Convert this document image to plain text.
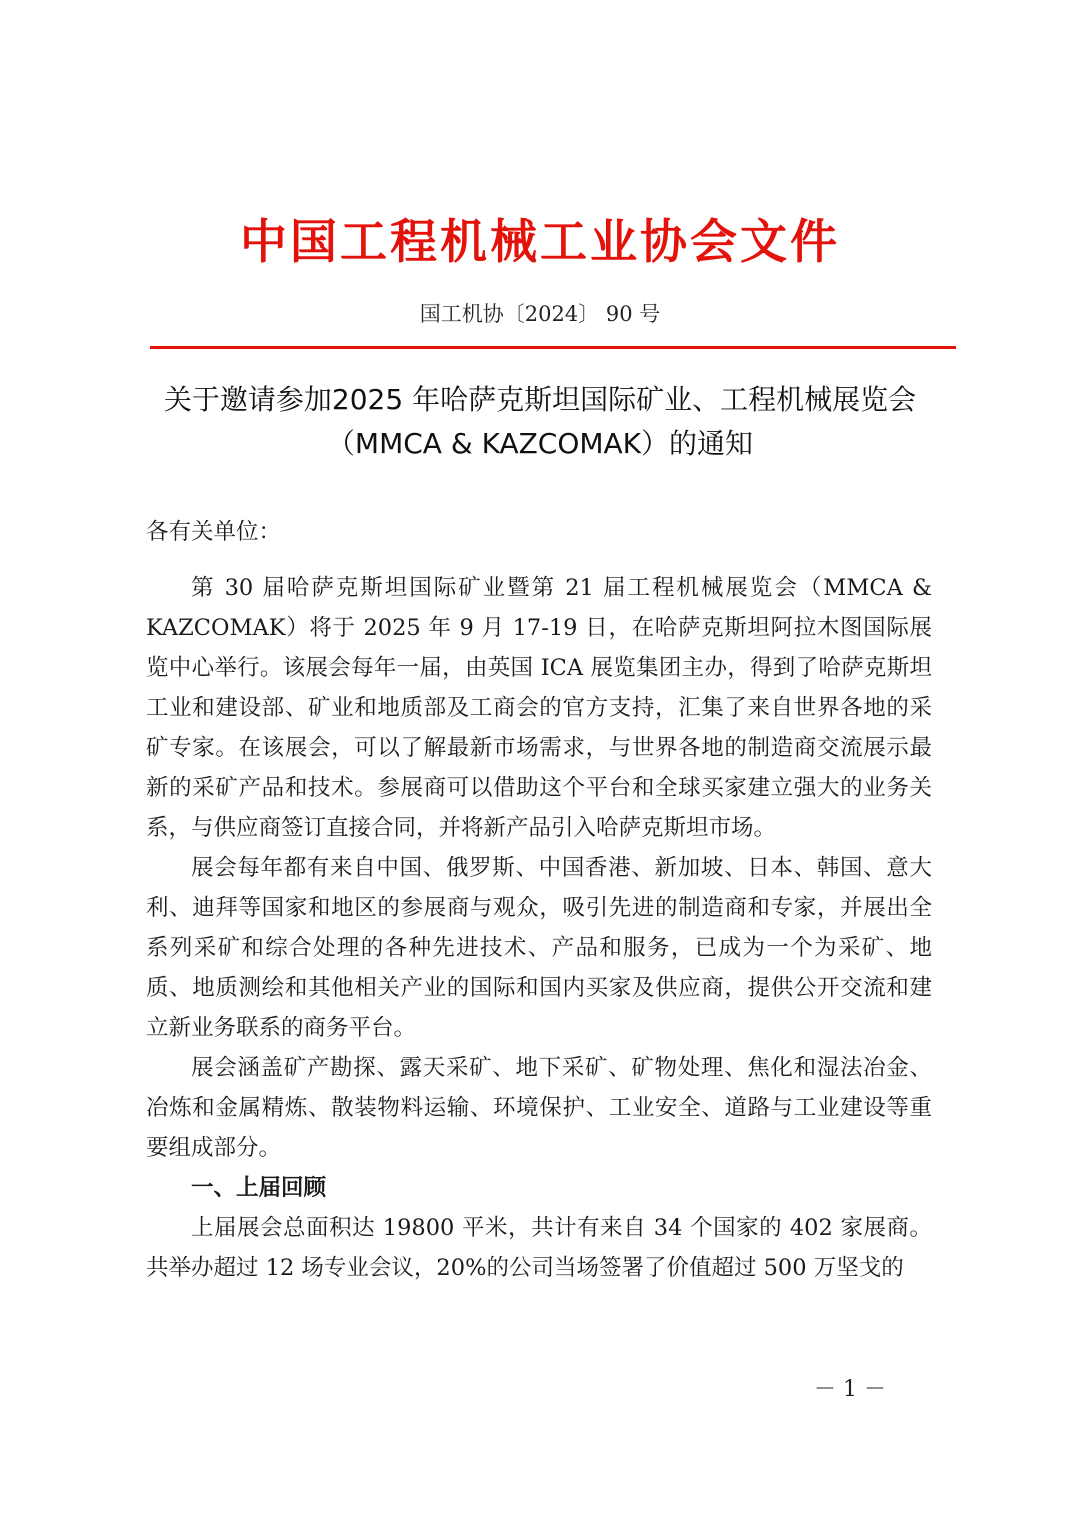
中国工程机械工业协会文件
国工机协〔2024〕 90 号
关于邀请参加2025 年哈萨克斯坦国际矿业、工程机械展览会
（MMCA & KAZCOMAK）的通知

各有关单位：

第 30 届哈萨克斯坦国际矿业暨第 21 届工程机械展览会（MMCA & KAZCOMAK）将于 2025 年 9 月 17-19 日，在哈萨克斯坦阿拉木图国际展览中心举行。该展会每年一届，由英国 ICA 展览集团主办，得到了哈萨克斯坦工业和建设部、矿业和地质部及工商会的官方支持，汇集了来自世界各地的采矿专家。在该展会，可以了解最新市场需求，与世界各地的制造商交流展示最新的采矿产品和技术。参展商可以借助这个平台和全球买家建立强大的业务关系，与供应商签订直接合同，并将新产品引入哈萨克斯坦市场。

展会每年都有来自中国、俄罗斯、中国香港、新加坡、日本、韩国、意大利、迪拜等国家和地区的参展商与观众，吸引先进的制造商和专家，并展出全系列采矿和综合处理的各种先进技术、产品和服务，已成为一个为采矿、地质、地质测绘和其他相关产业的国际和国内买家及供应商，提供公开交流和建立新业务联系的商务平台。

展会涵盖矿产勘探、露天采矿、地下采矿、矿物处理、焦化和湿法冶金、冶炼和金属精炼、散装物料运输、环境保护、工业安全、道路与工业建设等重要组成部分。

一、上届回顾

上届展会总面积达 19800 平米，共计有来自 34 个国家的 402 家展商。共举办超过 12 场专业会议，20%的公司当场签署了价值超过 500 万坚戈的

－ 1 －
